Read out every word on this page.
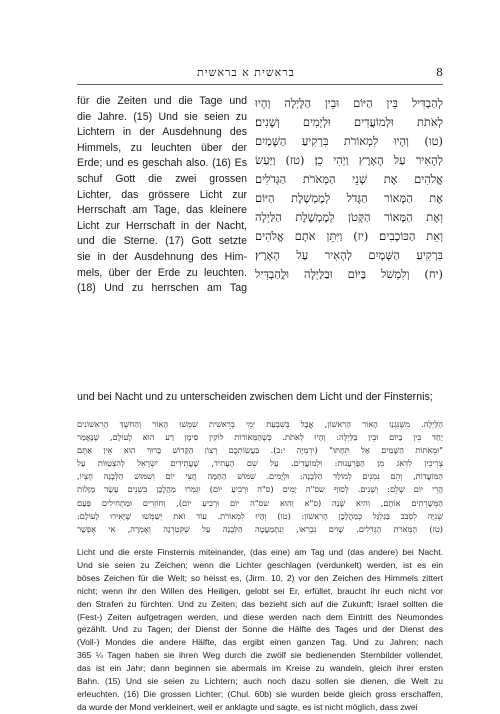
בראשית א בראשית	8
für die Zeiten und die Tage und
die Jahre. (15) Und sie seien zu
Lichtern in der Ausdehnung des
Himmels, zu leuchten über der
Erde; und es geschah also. (16) Es
schuf Gott die zwei grossen
Lichter, das grössere Licht zur
Herrschaft am Tage, das kleinere
Licht zur Herrschaft in der Nacht,
und die Sterne. (17) Gott setzte
sie in der Ausdehnung des Him-
mels, über der Erde zu leuchten.
(18) Und zu herrschen am Tag
לְהַבְדִּיל בֵּין הַיּוֹם וּבֵין הַלָּיְלָה וְהָיוּ
לְאֹתֹת וּלְמוֹעֲדִים וּלְיָמִים וְשָׁנִים׃
(טו) וְהָיוּ לִמְאוֹרֹת בִּרְקִיעַ הַשָּׁמַיִם
לְהָאִיר עַל הָאָרֶץ וַיְהִי כֵן׃ (טז) וַיַּעַשׂ
אֱלֹהִים אֶת שְׁנֵי הַמְּאֹרֹת הַגְּדֹלִים
אֶת הַמָּאוֹר הַגָּדֹל לְמֶמְשֶׁלֶת הַיּוֹם
וְאֶת הַמָּאוֹר הַקָּטֹן לְמֶמְשֶׁלֶת הַלַּיְלָה
וְאֵת הַכּוֹכָבִים׃ (יז) וַיִּתֵּן אֹתָם אֱלֹהִים
בִּרְקִיעַ הַשָּׁמָיִם לְהָאִיר עַל הָאָרֶץ׃
(יח) וְלִמְשֹׁל בַּיּוֹם וּבַלַּיְלָה וּלֲהַבְדִּיל
und bei Nacht und zu unterscheiden zwischen dem Licht und der Finsternis;
הַלַּיְלָה. מִשֶּׁנִּגְנַז הָאוֹר הָרִאשׁוֹן, אֲבָל בְּשִׁבְעַת יְמֵי בְרֵאשִׁית שִׁמְּשׁוּ הָאוֹר וְהַחֹשֶׁךְ הָרִאשׁוֹנִים
יַחַד בֵּין בַּיּוֹם וּבֵין בַּלַּיְלָה: וְהָיוּ לְאֹתֹת. כְּשֶׁהַמְּאוֹרוֹת לוֹקִין סִימָן רַע הוּא לָעוֹלָם, שֶׁנֶּאֱמַר
"וּמֵאֹתוֹת הַשָּׁמַיִם אַל תֵּחָתּוּ" (יִרְמְיָה י:ב). בַּעֲשׂוֹתְכֶם רְצוֹן הַקָּדוֹשׁ בָּרוּךְ הוּא אֵין אַתֶּם
צְרִיכִין לִדְאֹג מִן הַפֻּרְעָנוּת: וּלְמוֹעֲדִים. עַל שֵׁם הֶעָתִיד, שֶׁעֲתִידִים יִשְׂרָאֵל לְהִצְטַוּוֹת עַל
הַמּוֹעֲדוֹת, וְהֵם נִמְנִים לְמוֹלַד הַלְּבָנָה: וּלְיָמִים. שִׁמּוּשׁ הַחַמָּה חֲצִי יוֹם וְשִׁמּוּשׁ הַלְּבָנָה חֶצְיוֹ,
הֲרֵי יוֹם שָׁלֵם: וְשָׁנִים. לְסוֹף שס"ה יָמִים (ס"ה וּרְבִיעַ יוֹם) יִגְמְרוּ מַהֲלָכָן בִּשְׁנֵים עָשָׂר מַזָּלוֹת
הַמְּשָׁרְתִים אוֹתָם, וְהִיא שָׁנָה (ס"א וְהוּא שס"ה יוֹם וּרְבִיעַ יוֹם), וְחוֹזְרִים וּמַתְחִילִים פַּעַם
שְׁנִיָּה לִסְבֹּב בַּגַּלְגַּל כְּמַהֲלָכָן הָרִאשׁוֹן: (טו) וְהָיוּ לִמְאוֹרֹת. עוֹד זֹאת יְשַׁמְּשׁוּ שֶׁיָּאִירוּ לָעוֹלָם:
(טז) הַמְּאֹרֹת הַגְּדֹלִים. שָׁוִים נִבְרְאוּ, וְנִתְמַעֲטָה הַלְּבָנָה עַל שֶׁקִּטְרְגָה וְאָמְרָה, אִי אֶפְשָׁר
Licht und die erste Finsternis miteinander, (das eine) am Tag und (das andere) bei Nacht.
Und sie seien zu Zeichen; wenn die Lichter geschlagen (verdunkelt) werden, ist es ein
böses Zeichen für die Welt; so heisst es, (Jirm. 10, 2) vor den Zeichen des Himmels zittert
nicht; wenn ihr den Willen des Heiligen, gelobt sei Er, erfüllet, braucht ihr euch nicht vor
den Strafen zu fürchten. Und zu Zeiten; das bezieht sich auf die Zukunft; Israel sollten die
(Fest-) Zeiten aufgetragen werden, und diese werden nach dem Eintritt des Neumondes
gezählt. Und zu Tagen; der Dienst der Sonne die Hälfte des Tages und der Dienst des
(Voll-) Mondes die andere Hälfte, das ergibt einen ganzen Tag. Und zu Jahren; nach
365 ¼ Tagen haben sie ihren Weg durch die zwölf sie bedienenden Sternbilder vollendet,
das ist ein Jahr; dann beginnen sie abermals im Kreise zu wandeln, gleich ihrer ersten
Bahn. (15) Und sie seien zu Lichtern; auch noch dazu sollen sie dienen, die Welt zu
erleuchten. (16) Die grossen Lichter; (Chul. 60b) sie wurden beide gleich gross erschaffen,
da wurde der Mond verkleinert, weil er anklagte und sagte, es ist nicht möglich, dass zwei
